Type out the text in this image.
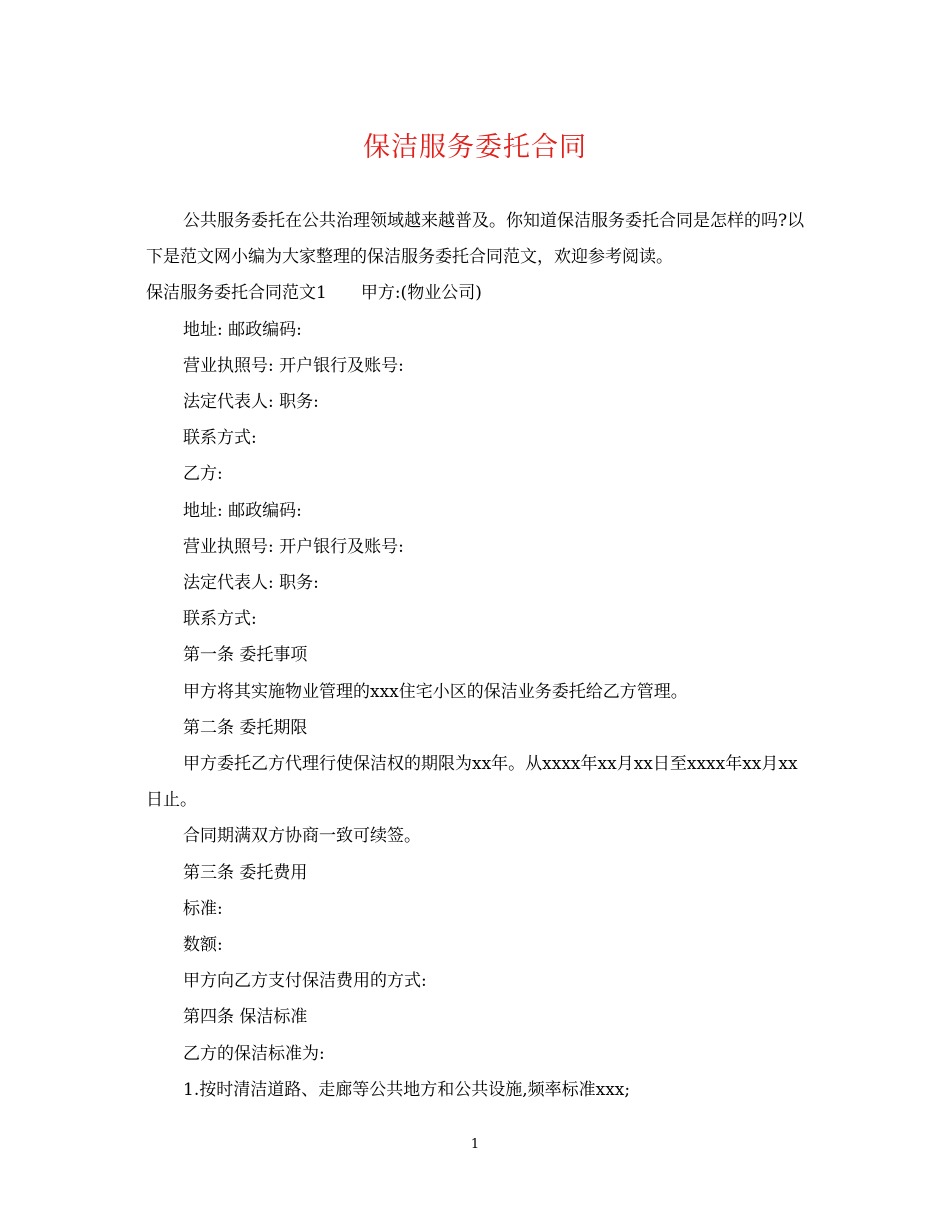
保洁服务委托合同

公共服务委托在公共治理领域越来越普及。你知道保洁服务委托合同是怎样的吗?以下是范文网小编为大家整理的保洁服务委托合同范文，欢迎参考阅读。

保洁服务委托合同范文1 甲方:(物业公司)

地址: 邮政编码:

营业执照号: 开户银行及账号:

法定代表人: 职务:

联系方式:

乙方:

地址: 邮政编码:

营业执照号: 开户银行及账号:

法定代表人: 职务:

联系方式:

第一条 委托事项

甲方将其实施物业管理的xxx住宅小区的保洁业务委托给乙方管理。

第二条 委托期限

甲方委托乙方代理行使保洁权的期限为xx年。从xxxx年xx月xx日至xxxx年xx月xx日止。

合同期满双方协商一致可续签。

第三条 委托费用

标准:

数额:

甲方向乙方支付保洁费用的方式:

第四条 保洁标准

乙方的保洁标准为:

1.按时清洁道路、走廊等公共地方和公共设施,频率标准xxx;

1
